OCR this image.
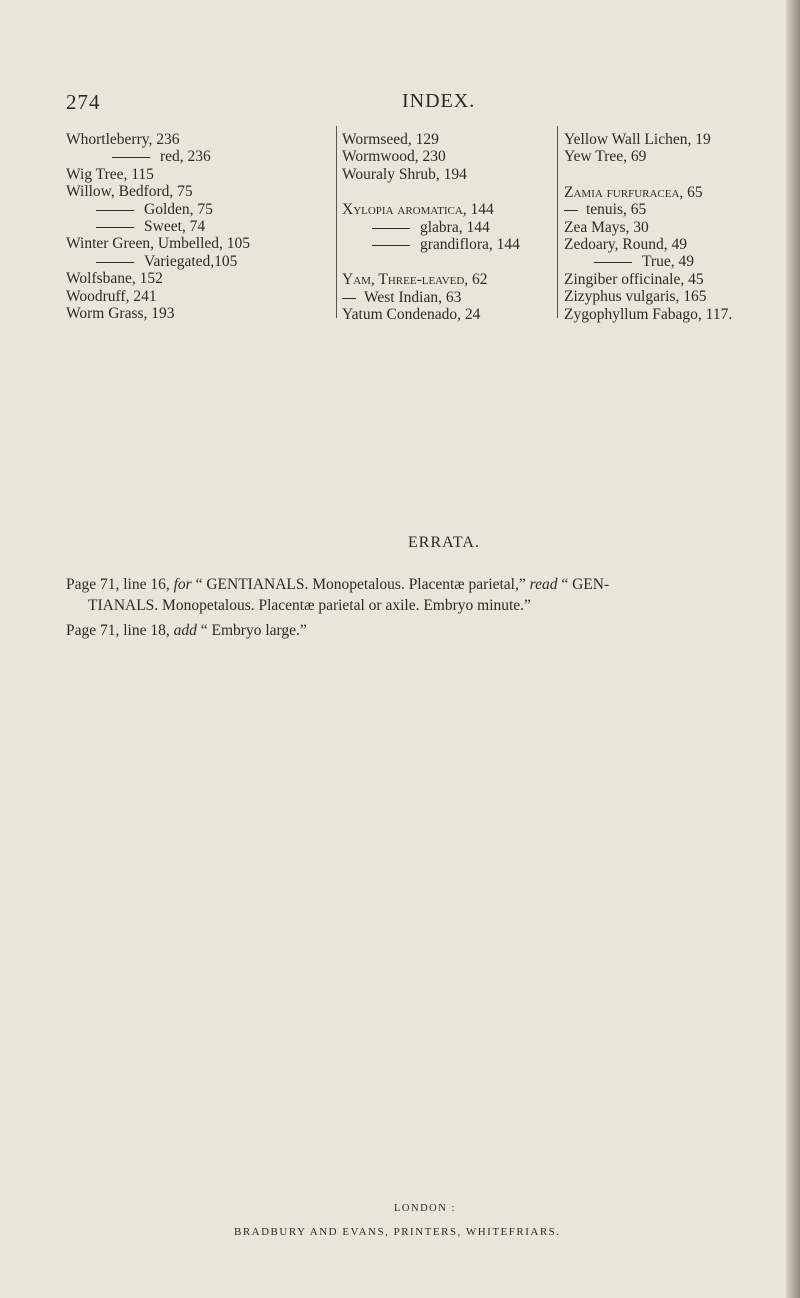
274	INDEX.
Whortleberry, 236
red, 236
Wig Tree, 115
Willow, Bedford, 75
Golden, 75
Sweet, 74
Winter Green, Umbelled, 105
Variegated,105
Wolfsbane, 152
Woodruff, 241
Worm Grass, 193
Wormseed, 129
Wormwood, 230
Wouraly Shrub, 194
Xylopia aromatica, 144
glabra, 144
grandiflora, 144
Yam, Three-leaved, 62
West Indian, 63
Yatum Condenado, 24
Yellow Wall Lichen, 19
Yew Tree, 69
Zamia furfuracea, 65
tenuis, 65
Zea Mays, 30
Zedoary, Round, 49
True, 49
Zingiber officinale, 45
Zizyphus vulgaris, 165
Zygophyllum Fabago, 117.
ERRATA.

Page 71, line 16, for “ GENTIANALS. Monopetalous. Placentæ parietal,” read “ GEN-
TIANALS. Monopetalous. Placentæ parietal or axile. Embryo minute.”

Page 71, line 18, add “ Embryo large.”

LONDON :
BRADBURY AND EVANS, PRINTERS, WHITEFRIARS.
